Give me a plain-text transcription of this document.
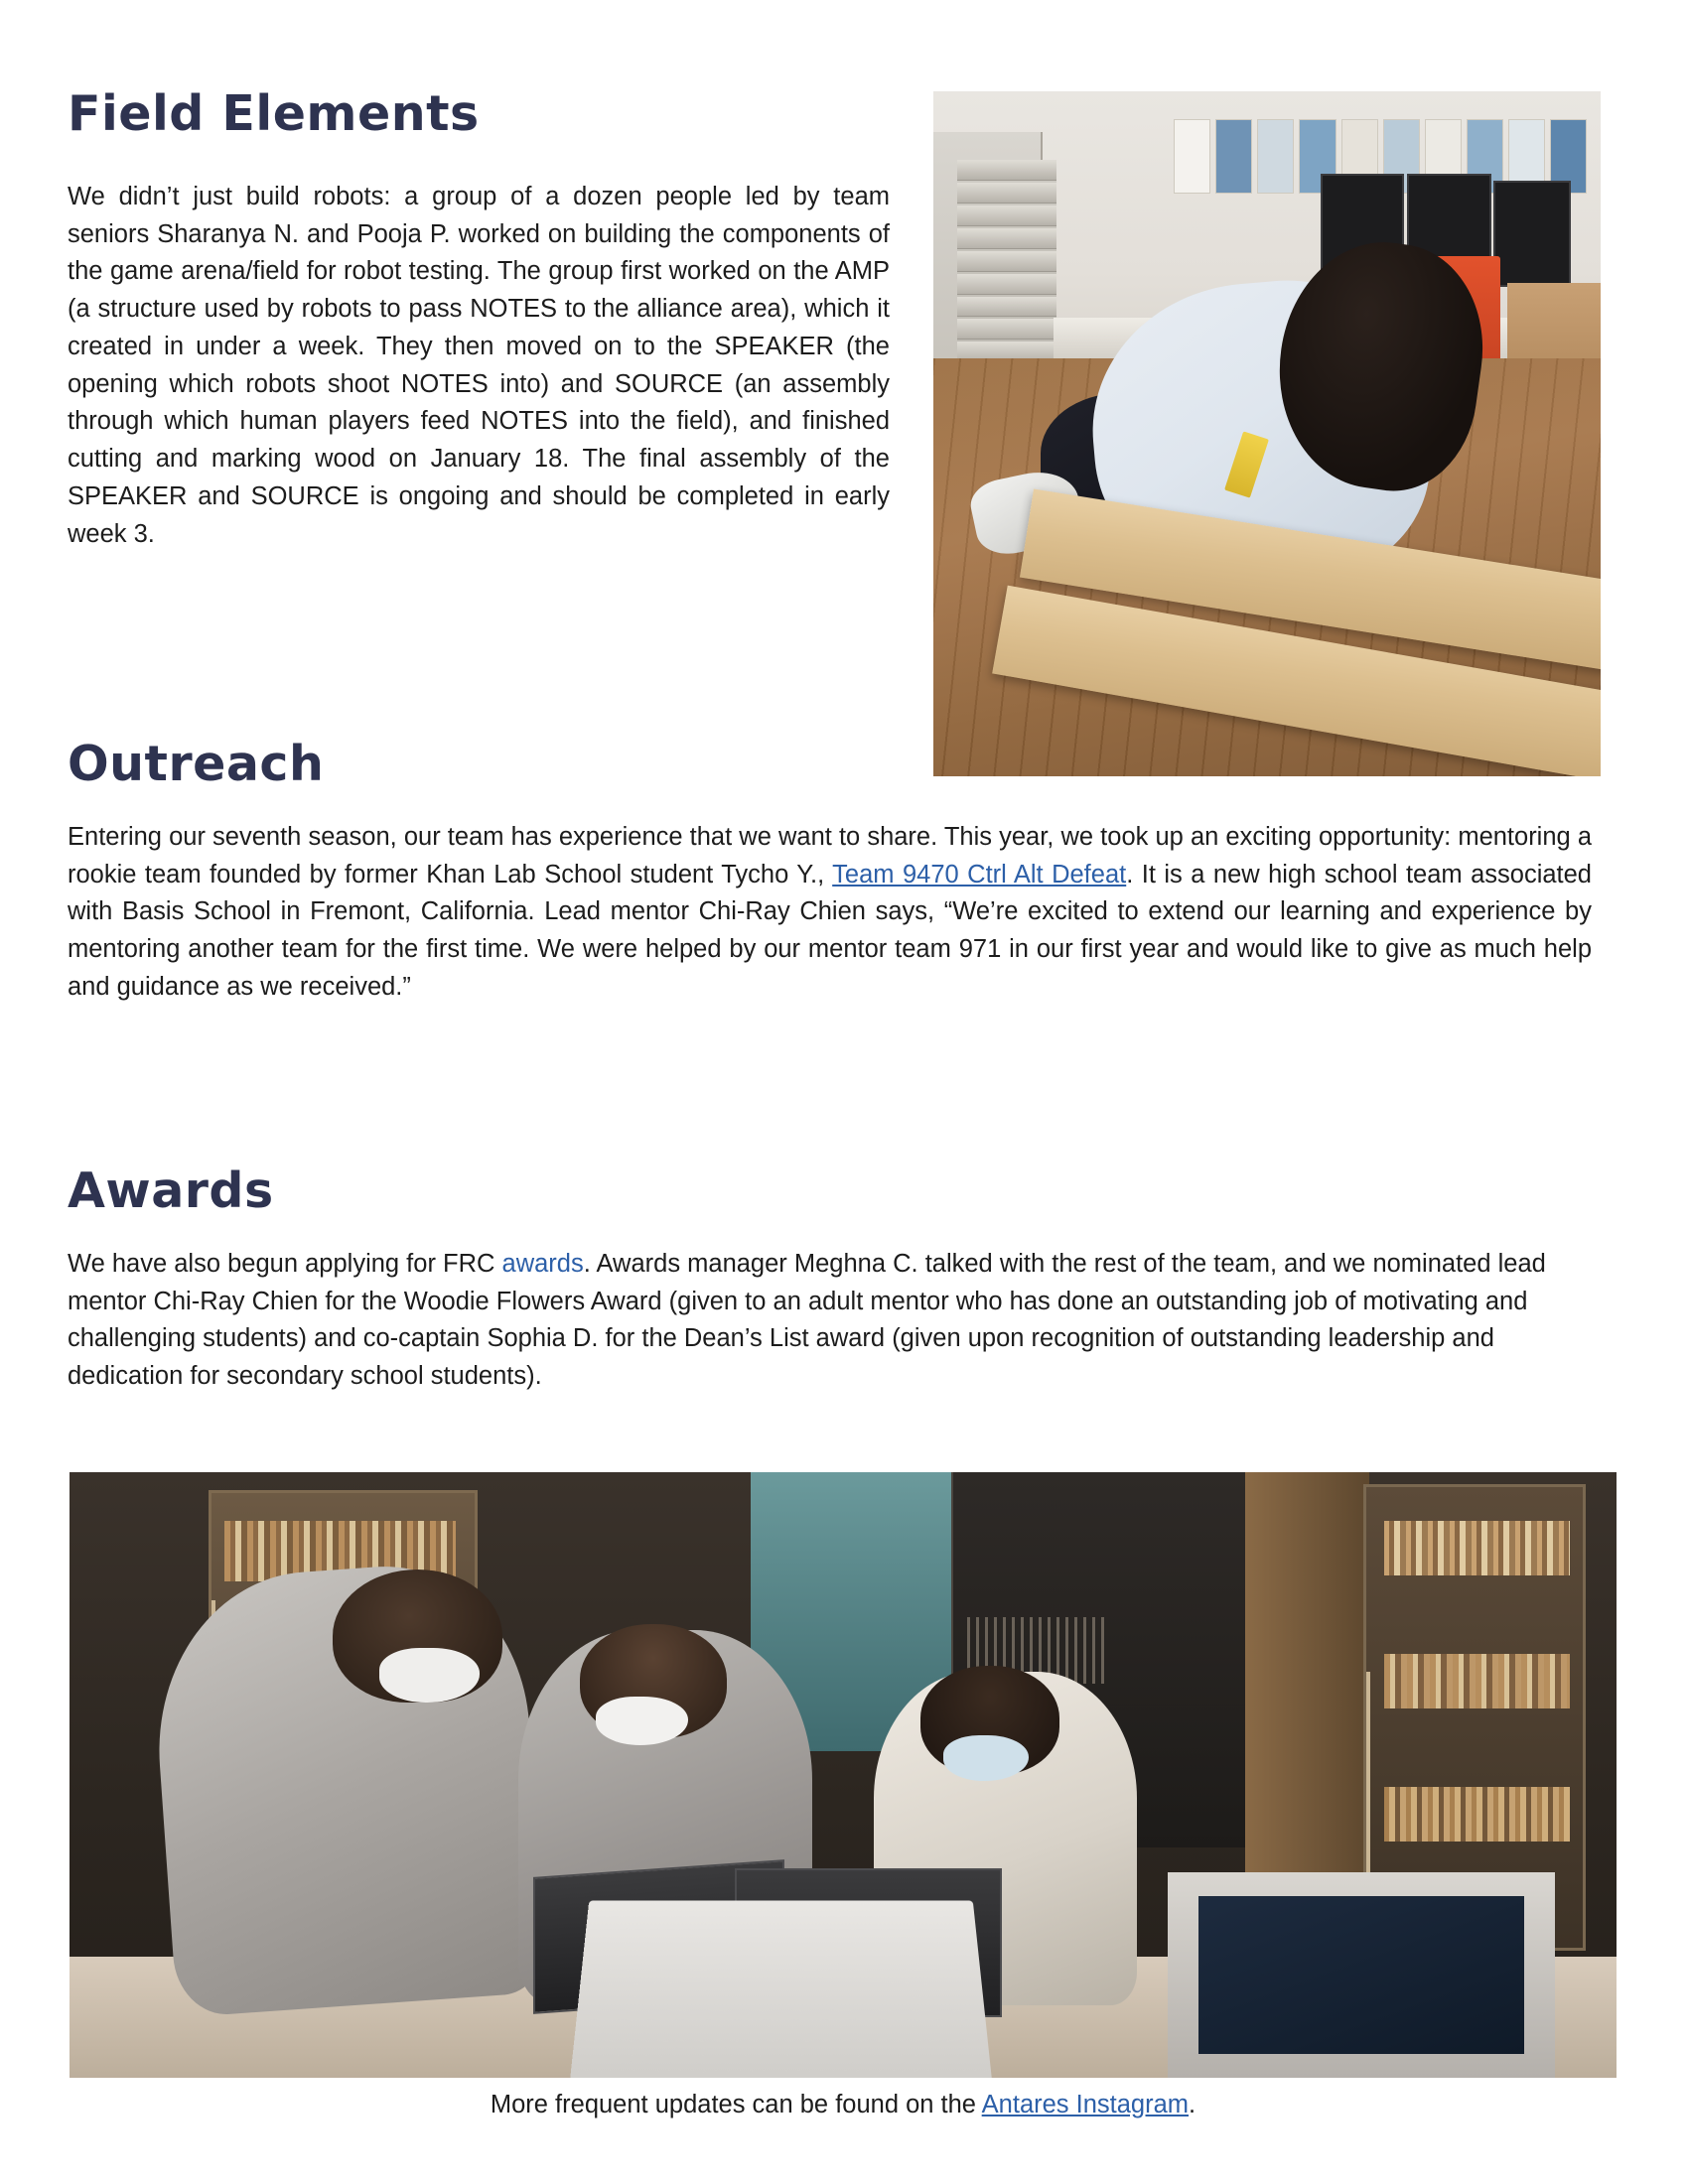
Field Elements

We didn’t just build robots: a group of a dozen people led by team seniors Sharanya N. and Pooja P. worked on building the components of the game arena/field for robot testing. The group first worked on the AMP (a structure used by robots to pass NOTES to the alliance area), which it created in under a week. They then moved on to the SPEAKER (the opening which robots shoot NOTES into) and SOURCE (an assembly through which human players feed NOTES into the field), and finished cutting and marking wood on January 18. The final assembly of the SPEAKER and SOURCE is ongoing and should be completed in early week 3.

Outreach

Entering our seventh season, our team has experience that we want to share. This year, we took up an exciting opportunity: mentoring a rookie team founded by former Khan Lab School student Tycho Y., Team 9470 Ctrl Alt Defeat. It is a new high school team associated with Basis School in Fremont, California. Lead mentor Chi-Ray Chien says, “We’re excited to extend our learning and experience by mentoring another team for the first time. We were helped by our mentor team 971 in our first year and would like to give as much help and guidance as we received.”

Awards

We have also begun applying for FRC awards. Awards manager Meghna C. talked with the rest of the team, and we nominated lead mentor Chi-Ray Chien for the Woodie Flowers Award (given to an adult mentor who has done an outstanding job of motivating and challenging students) and co-captain Sophia D. for the Dean’s List award (given upon recognition of outstanding leadership and dedication for secondary school students).

More frequent updates can be found on the Antares Instagram.
